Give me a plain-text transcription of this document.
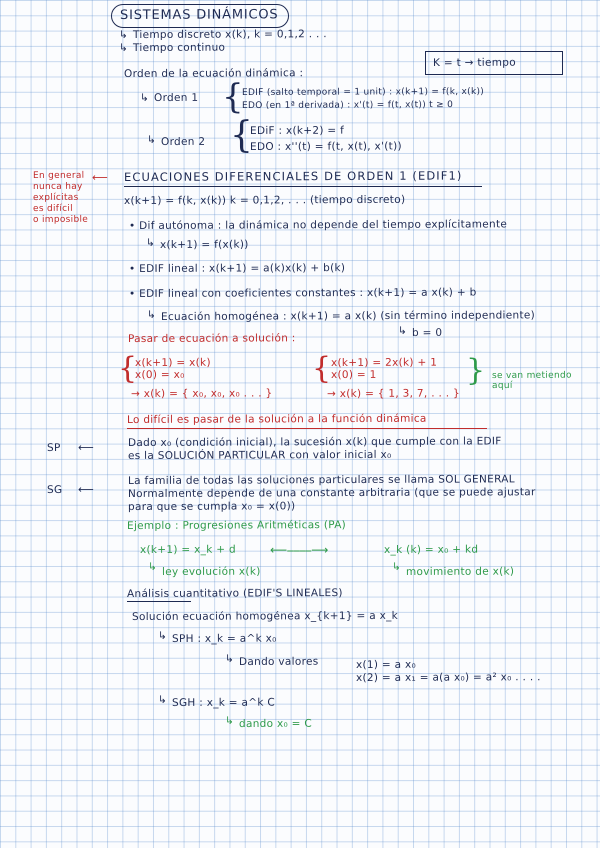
SISTEMAS DINÁMICOS
↳ Tiempo discreto x(k), k = 0,1,2 . . .
↳ Tiempo continuo
K = t → tiempo
Orden de la ecuación dinámica :
↳ Orden 1 {
EDIF (salto temporal = 1 unit) : x(k+1) = f(k, x(k))
EDO (en 1ª derivada) : x'(t) = f(t, x(t)) t ≥ 0
↳ Orden 2 {
EDiF : x(k+2) = f
EDO : x''(t) = f(t, x(t), x'(t))
En general
nunca hay
explícitas
es difícil
o imposible
⟵ ECUACIONES DIFERENCIALES DE ORDEN 1 (EDIF1)
x(k+1) = f(k, x(k)) k = 0,1,2, . . . (tiempo discreto)
• Dif autónoma : la dinámica no depende del tiempo explícitamente
↳ x(k+1) = f(x(k))
• EDIF lineal : x(k+1) = a(k)x(k) + b(k)
• EDIF lineal con coeficientes constantes : x(k+1) = a x(k) + b
↳ Ecuación homogénea : x(k+1) = a x(k) (sin término independiente)
↳ b = 0
Pasar de ecuación a solución :
{
x(k+1) = x(k)
x(0) = x₀
→ x(k) = { x₀, x₀, x₀ . . . }
{ x(k+1) = 2x(k) + 1
x(0) = 1
→ x(k) = { 1, 3, 7, . . . }
} se van metiendo aquí
Lo difícil es pasar de la solución a la función dinámica
SP ⟵	Dado x₀ (condición inicial), la sucesión x(k) que cumple con la EDIF
es la SOLUCIÓN PARTICULAR con valor inicial x₀
SG ⟵
La familia de todas las soluciones particulares se llama SOL GENERAL
Normalmente depende de una constante arbitraria (que se puede ajustar
para que se cumpla x₀ = x(0))
Ejemplo : Progresiones Aritméticas (PA)
x(k+1) = x_k + d	⟵⎯⎯⎯⎯⟶	x_k (k) = x₀ + kd
↳ ley evolución x(k)	↳ movimiento de x(k)
Análisis cuantitativo (EDIF'S LINEALES)
Solución ecuación homogénea x_{k+1} = a x_k
↳ SPH : x_k = a^k x₀
↳ Dando valores	x(1) = a x₀
x(2) = a x₁ = a(a x₀) = a² x₀ . . . .
↳ SGH : x_k = a^k C
↳ dando x₀ = C
